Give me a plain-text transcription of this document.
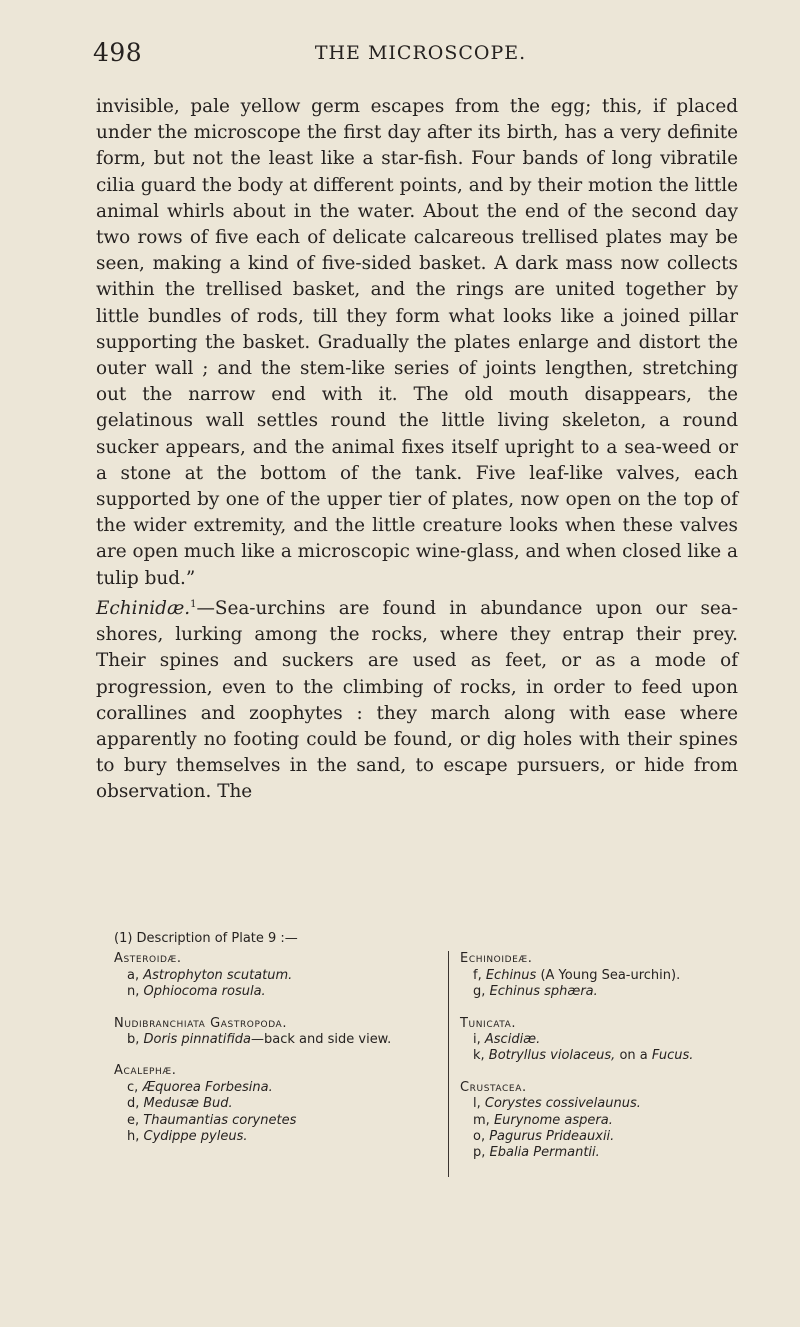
498	THE MICROSCOPE.

invisible, pale yellow germ escapes from the egg; this, if placed under the microscope the first day after its birth, has a very definite form, but not the least like a star-fish. Four bands of long vibratile cilia guard the body at different points, and by their motion the little animal whirls about in the water. About the end of the second day two rows of five each of delicate calcareous trellised plates may be seen, making a kind of five-sided basket. A dark mass now collects within the trellised basket, and the rings are united together by little bundles of rods, till they form what looks like a joined pillar supporting the basket. Gradually the plates enlarge and distort the outer wall ; and the stem-like series of joints lengthen, stretching out the narrow end with it. The old mouth disappears, the gelatinous wall settles round the little living skeleton, a round sucker appears, and the animal fixes itself upright to a sea-weed or a stone at the bottom of the tank. Five leaf-like valves, each supported by one of the upper tier of plates, now open on the top of the wider extremity, and the little creature looks when these valves are open much like a microscopic wine-glass, and when closed like a tulip bud.”

Echinidæ.$^1$—Sea-urchins are found in abundance upon our sea-shores, lurking among the rocks, where they entrap their prey. Their spines and suckers are used as feet, or as a mode of progression, even to the climbing of rocks, in order to feed upon corallines and zoophytes : they march along with ease where apparently no footing could be found, or dig holes with their spines to bury themselves in the sand, to escape pursuers, or hide from observation. The

(1) Description of Plate 9 :—
Asteroidæ.
a, Astrophyton scutatum.
n, Ophiocoma rosula.
Nudibranchiata Gastropoda.
b, Doris pinnatifida—back and side view.
Acalephæ.
c, Æquorea Forbesina.
d, Medusæ Bud.
e, Thaumantias corynetes
h, Cydippe pyleus.
Echinoideæ.
f, Echinus (A Young Sea-urchin).
g, Echinus sphæra.
Tunicata.
i, Ascidiæ.
k, Botryllus violaceus, on a Fucus.
Crustacea.
l, Corystes cossivelaunus.
m, Eurynome aspera.
o, Pagurus Prideauxii.
p, Ebalia Permantii.
